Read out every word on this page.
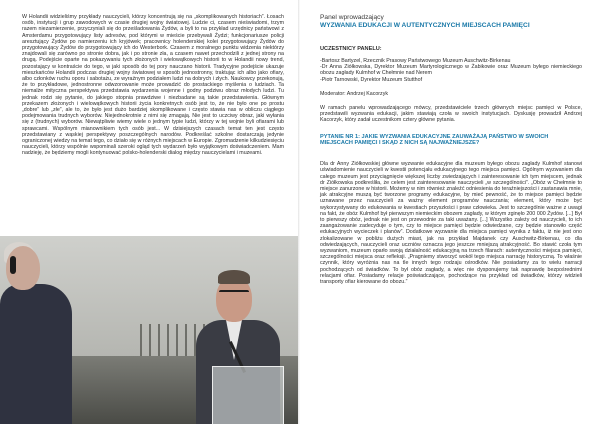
W Holandii widzieliśmy przykłady nauczycieli, którzy koncentrują się na „skomplikowanych historiach”. Łosach osób, instytucji i grup zawodowych w czasie drugiej wojny światowej. Ludzie ci, czasem nieświadomi, trzym razem niezamierzenie, przyczyniali się do prześladowania Żydów, a byli to na przykład urzędnicy państwowi z Amsterdamu przygotowujący listy adresów, pod którymi w mieście przebywali Żydzi; funkcjonariusze policji aresztujący Żydów po namierzeniu ich kryjówek; pracownicy holenderskiej kolei przygotowujący Żydów do przygotowujący Żydów do przygotowujący ich do Westerbork. Czasem z moralnego punktu widzenia niektórzy znajdowali się zarówno po stronie dobra, jak i po stronie zła, a czasem nawet przechodzili z jednej strony na drugą. Podejście oparte na pokazywaniu tych złożonych i wielowątkowych historii to w Holandii nowy trend, pozostający w kontraście do tego, w jaki sposób do tej pory nauczano historii. Tradycyjne podejście ukazuje mieszkańców Holandii podczas drugiej wojny światowej w sposób jednostronny, traktując ich albo jako ofiary, albo członków ruchu oporu i sabotażu, ze wyraźnym podziałem ludzi na dobrych i złych. Naukowcy przekonują, że to przykładowe, jednostronne odwzorowanie może prowadzić do prostackiego myślenia o ludziach. Ta niemalże mityczna perspektywa przedstawia wydarzenia wojenne i godny podziwu obraz młodych ludzi. Tu jednak rodzi się pytanie, do jakiego stopnia prawdziwe i niezbadane są takie przedstawienia. Głównym przekazem złożonych i wielowątkowych historii życia konkretnych osób jest to, że nie było one po prostu „dobre” lub „złe”, ale to, że było jest dużo bardziej skomplikowane i często stawia nas w obliczu ciągłego podejmowania trudnych wyborów. Niejednokrotnie z nimi się zmagają. Nie jest to uczciwy obraz, jaki wyłania się z (trudnych) wyborów. Niewątpliwie wiemy wiele o jednym typie ludzi, którzy w tej wojnie byli ofiarami lub sprawcami. Wspólnym mianownikiem tych osób jest... W dzisiejszych czasach temat ten jest często przedstawiany z wąskiej perspektywy poszczególnych narodów. Podkreślać szkolne dostarczają jedynie ograniczonej wiedzy na temat tego, co działo się w różnych miejscach w Europie. Zgromadzenie kilkudziesięciu nauczycieli, którzy wspólnie wspominali szeroki ogląd tych wydarzeń było wyjątkowym doświadczeniem. Mam nadzieję, że będziemy mogli kontynuować polsko-holenderski dialog między nauczycielami i muzeami.

Panel wprowadzający

WYZWANIA EDUKACJI W AUTENTYCZNYCH MIEJSCACH PAMIĘCI

UCZESTNICY PANELU:

-Bartosz Bartyzel, Rzecznik Prasowy Państwowego Muzeum Auschwitz-Birkenau

-Dr Anna Ziółkowska, Dyrektor Muzeum Martyrologicznego w Żabikowie oraz Muzeum byłego niemieckiego obozu zagłady Kulmhof w Chełmnie nad Nerem

-Piotr Tarnowski, Dyrektor Muzeum Stutthof

Moderator: Andrzej Kacorzyk

W ramach panelu wprowadzającego mówcy, przedstawiciele trzech głównych miejsc pamięci w Polsce, przedstawili wyzwania edukacji, jakim stawiają czoła w swoich instytucjach. Dyskusję prowadził Andrzej Kacorzyk, który zadał uczestnikom cztery główne pytania.

PYTANIE NR 1: JAKIE WYZWANIA EDUKACYJNE ZAUWAŻAJĄ PAŃSTWO W SWOICH MIEJSCACH PAMIĘCI I SKĄD Z NICH SĄ NAJWAŻNIEJSZE?

Dla dr Anny Ziółkowskiej główne wyzwanie edukacyjne dla muzeum byłego obozu zagłady Kulmhof stanowi uświadomienie nauczycieli w kwestii potencjału edukacyjnego tego miejsca pamięci. Ogólnym wyzwaniem dla całego muzeum jest przyciągnięcie większej liczby zwiedzających i zainteresowanie ich tym miejscem, jednak dr Ziółkowska podkreśliła, że celem jest zainteresowanie nauczycieli „w szczególności”. „Obóz w Chełmnie to miejsce zanurzone w historii. Możemy w nim również znaleźć odniesienia do teraźniejszości i zastanawia mnie, jak atrakcyjne muszą być tworzone programy edukacyjne, by mieć pewność, że to miejsce pamięci będzie uznawane przez nauczycieli za ważny element programów nauczania; element, który może być wykorzystywany do edukowania w kwestiach przyszłości i praw człowieka. Jest to szczególnie ważne z uwagi na fakt, że obóz Kulmhof był pierwszym niemieckim obozem zagłady, w którym zginęło 200 000 Żydów. [...] Był to pierwszy obóz, jednak nie jest on przewodnie za taki uważany. [...] Wszystko zależy od nauczycieli, to ich zaangażowanie zadecyduje o tym, czy to miejsce pamięci będzie odwiedzane, czy będzie stanowiło część edukacyjnych wycieczek i planów”. Dodatkowe wyzwanie dla miejsca pamięci wynika z faktu, iż nie jest ono zlokalizowane w pobliżu dużych miast, jak na przykład Majdanek czy Auschwitz-Birkenau, co dla odwiedzających, nauczycieli oraz uczniów oznacza jego jeszcze mniejszą atrakcyjność. Bo stawić czoła tym wyzwaniom, muzeum oparło swoją działalność edukacyjną na trzech filarach: autentyczności miejsca pamięci, szczególności miejsca oraz refleksji. „Pragniemy stworzyć wokół tego miejsca narrację historyczną. To właśnie czynnik, który wyróżnia nas na tle innych tego rodzaju ośrodków. Nie posiadamy za to wielu narracji pochodzących od świadków. To był obóz zagłady, a więc nie dysponujemy tak naprawdę bezpośrednimi relacjami ofiar. Posiadamy relacje poświadczające, pochodzące na przykład od świadków, którzy widzieli transporty ofiar kierowane do obozu.”
